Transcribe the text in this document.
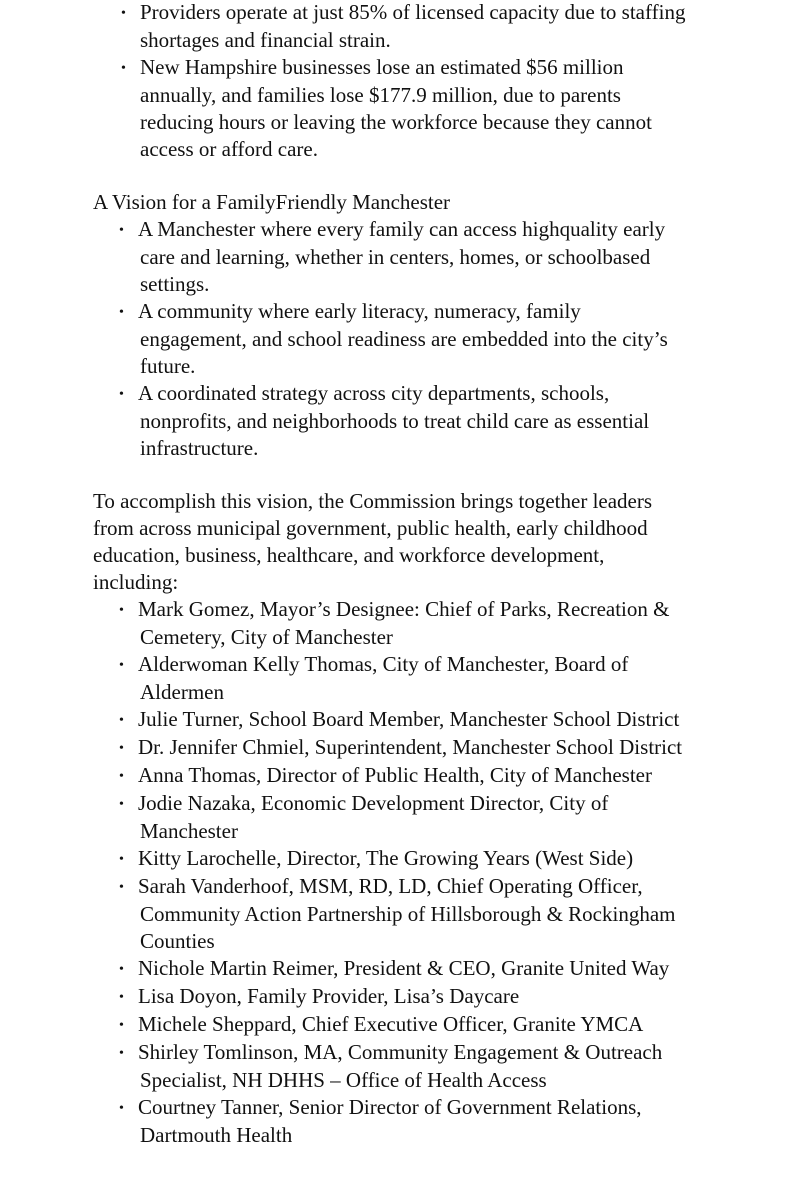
• Providers operate at just 85% of licensed capacity due to staffing shortages and financial strain.
• New Hampshire businesses lose an estimated $56 million annually, and families lose $177.9 million, due to parents reducing hours or leaving the workforce because they cannot access or afford care.
A Vision for a FamilyFriendly Manchester
• A Manchester where every family can access highquality early care and learning, whether in centers, homes, or schoolbased settings.
• A community where early literacy, numeracy, family engagement, and school readiness are embedded into the city’s future.
• A coordinated strategy across city departments, schools, nonprofits, and neighborhoods to treat child care as essential infrastructure.
To accomplish this vision, the Commission brings together leaders from across municipal government, public health, early childhood education, business, healthcare, and workforce development, including:
• Mark Gomez, Mayor’s Designee: Chief of Parks, Recreation & Cemetery, City of Manchester
• Alderwoman Kelly Thomas, City of Manchester, Board of Aldermen
• Julie Turner, School Board Member, Manchester School District
• Dr. Jennifer Chmiel, Superintendent, Manchester School District
• Anna Thomas, Director of Public Health, City of Manchester
• Jodie Nazaka, Economic Development Director, City of Manchester
• Kitty Larochelle, Director, The Growing Years (West Side)
• Sarah Vanderhoof, MSM, RD, LD, Chief Operating Officer, Community Action Partnership of Hillsborough & Rockingham Counties
• Nichole Martin Reimer, President & CEO, Granite United Way
• Lisa Doyon, Family Provider, Lisa’s Daycare
• Michele Sheppard, Chief Executive Officer, Granite YMCA
• Shirley Tomlinson, MA, Community Engagement & Outreach Specialist, NH DHHS – Office of Health Access
• Courtney Tanner, Senior Director of Government Relations, Dartmouth Health
